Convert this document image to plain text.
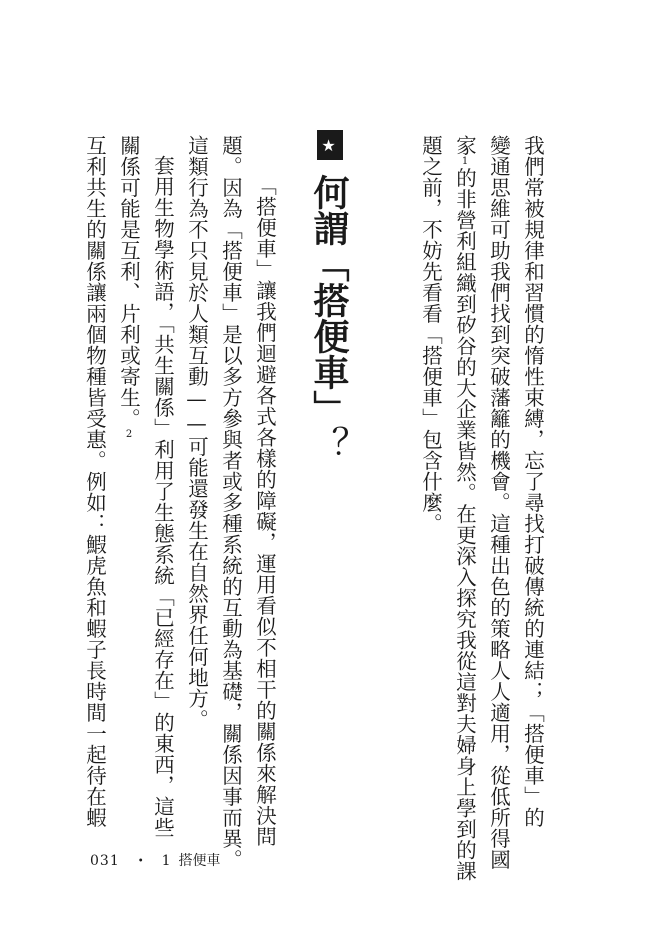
我們常被規律和習慣的惰性束縛，忘了尋找打破傳統的連結；「搭便車」的
變通思維可助我們找到突破藩籬的機會。這種出色的策略人人適用，從低所得國
家1的非營利組織到矽谷的大企業皆然。在更深入探究我從這對夫婦身上學到的課
題之前，不妨先看看「搭便車」包含什麼。
★何謂「搭便車」？
「搭便車」讓我們迴避各式各樣的障礙，運用看似不相干的關係來解決問
題。因為「搭便車」是以多方參與者或多種系統的互動為基礎，關係因事而異。
這類行為不只見於人類互動——可能還發生在自然界任何地方。
套用生物學術語，「共生關係」利用了生態系統「已經存在」的東西，這些
關係可能是互利、片利或寄生。2
互利共生的關係讓兩個物種皆受惠。例如：鰕虎魚和蝦子長時間一起待在蝦
031 • 1 搭便車
